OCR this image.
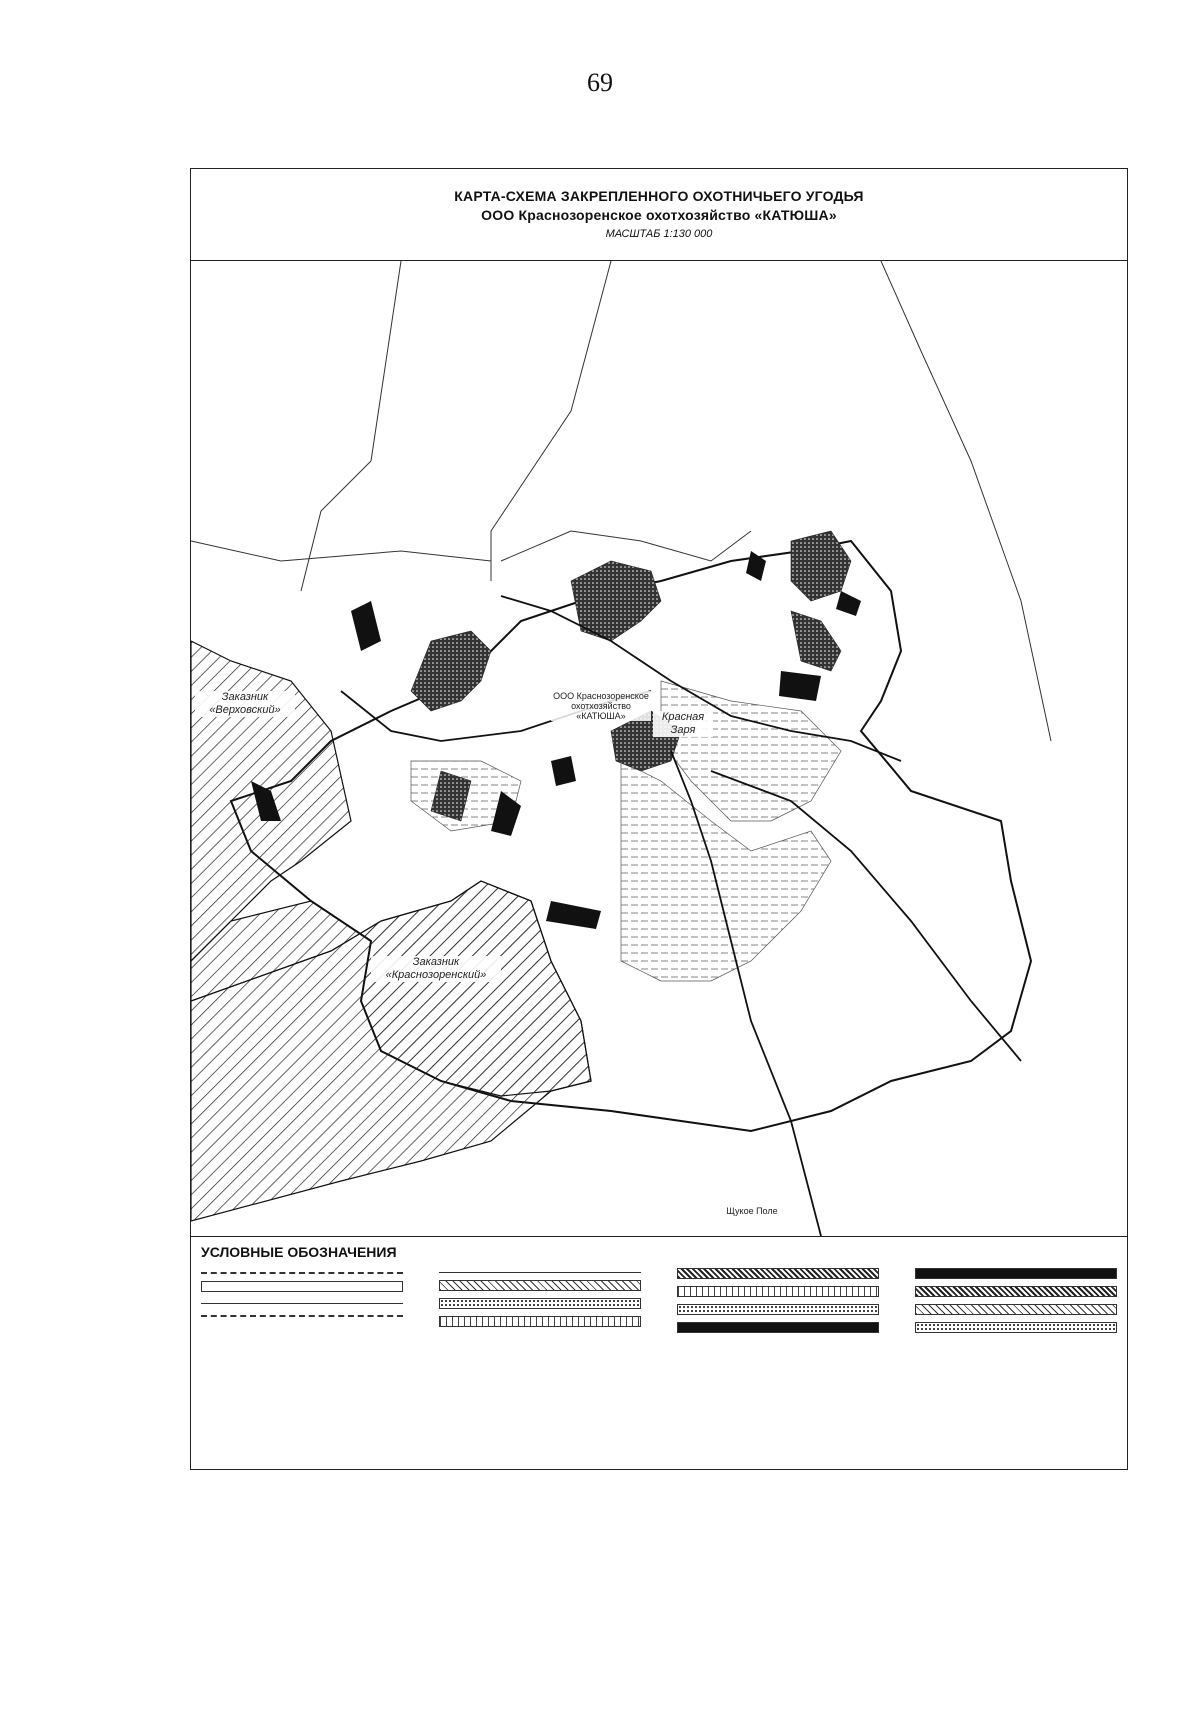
69
КАРТА-СХЕМА ЗАКРЕПЛЕННОГО ОХОТНИЧЬЕГО УГОДЬЯ
ООО Краснозоренское охотхозяйство «КАТЮША»
МАСШТАБ 1:130 000
Заказник «Верховский»
Заказник «Краснозоренский»
ООО Краснозоренское охотхозяйство «КАТЮША»	Красная Заря
Щукое Поле
УСЛОВНЫЕ ОБОЗНАЧЕНИЯ
